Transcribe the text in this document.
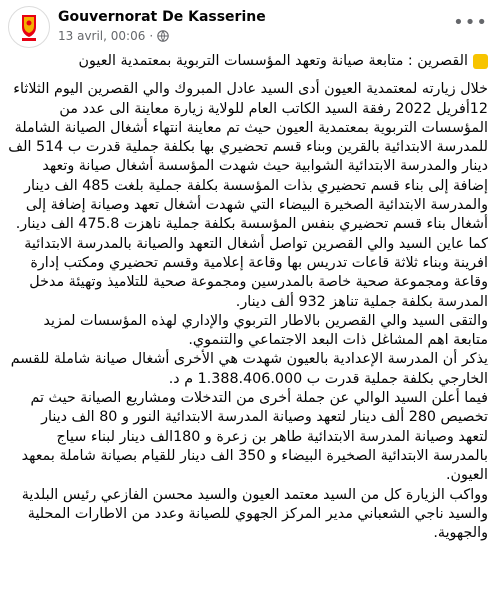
Gouvernorat De Kasserine
13 avril, 00:06 ·
•••
القصرين : متابعة صيانة وتعهد المؤسسات التربوية بمعتمدية العيون

خلال زيارته لمعتمدية العيون أدى السيد عادل المبروك والي القصرين اليوم الثلاثاء 12أفريل 2022 رفقة السيد الكاتب العام للولاية زيارة معاينة الى عدد من المؤسسات التربوية بمعتمدية العيون حيث تم معاينة انتهاء أشغال الصيانة الشاملة للمدرسة الابتدائية بالقرين وبناء قسم تحضيري بها بكلفة جملية قدرت ب 514 الف دينار والمدرسة الابتدائية الشوابية حيث شهدت المؤسسة أشغال صيانة وتعهد إضافة إلى بناء قسم تحضيري بذات المؤسسة بكلفة جملية بلغت 485 الف دينار والمدرسة الابتدائية الصخيرة البيضاء التي شهدت أشغال تعهد وصيانة إضافة إلى أشغال بناء قسم تحضيري بنفس المؤسسة بكلفة جملية ناهزت 475.8 الف دينار.

كما عاين السيد والي القصرين تواصل أشغال التعهد والصيانة بالمدرسة الابتدائية افرينة وبناء ثلاثة قاعات تدريس بها وقاعة إعلامية وقسم تحضيري ومكتب إدارة وقاعة ومجموعة صحية خاصة بالمدرسين ومجموعة صحية للتلاميذ وتهيئة مدخل المدرسة بكلفة جملية تناهز 932 ألف دينار.

والتقى السيد والي القصرين بالاطار التربوي والإداري لهذه المؤسسات لمزيد متابعة اهم المشاغل ذات البعد الاجتماعي والتنموي.

يذكر أن المدرسة الإعدادية بالعيون شهدت هي الأخرى أشغال صيانة شاملة للقسم الخارجي بكلفة جملية قدرت ب 1.388.406.000 م د.

فيما أعلن السيد الوالي عن جملة أخرى من التدخلات ومشاريع الصيانة حيث تم تخصيص 280 ألف دينار لتعهد وصيانة المدرسة الابتدائية النور و 80 الف دينار لتعهد وصيانة المدرسة الابتدائية طاهر بن زعرة و 180الف دينار لبناء سياج بالمدرسة الابتدائية الصخيرة البيضاء و 350 الف دينار للقيام بصيانة شاملة بمعهد العيون.

وواكب الزيارة كل من السيد معتمد العيون والسيد محسن الفازعي رئيس البلدية والسيد ناجي الشعباني مدير المركز الجهوي للصيانة وعدد من الاطارات المحلية والجهوية.
